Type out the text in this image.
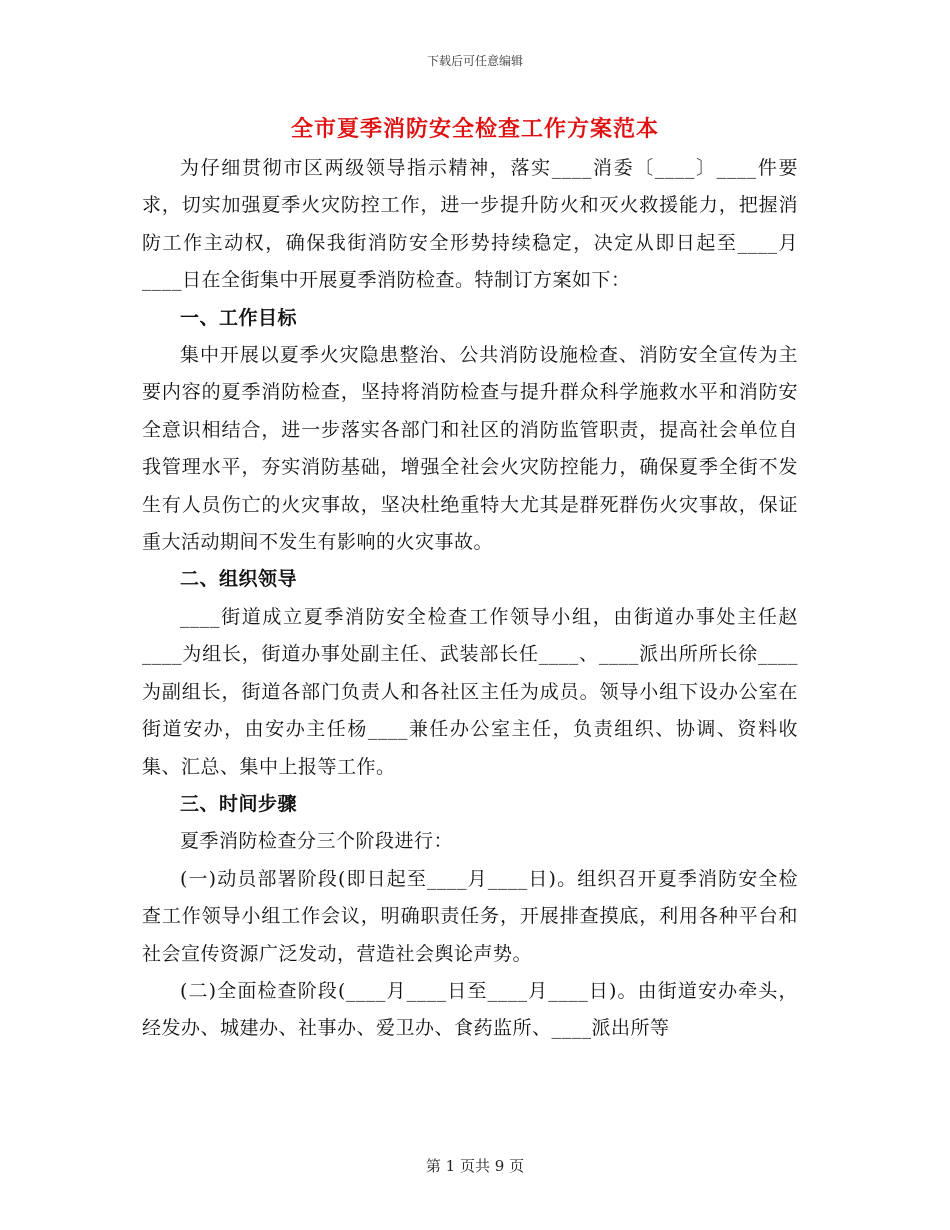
下载后可任意编辑
全市夏季消防安全检查工作方案范本

为仔细贯彻市区两级领导指示精神，落实____消委〔____〕____件要求，切实加强夏季火灾防控工作，进一步提升防火和灭火救援能力，把握消防工作主动权，确保我街消防安全形势持续稳定，决定从即日起至____月____日在全街集中开展夏季消防检查。特制订方案如下：

一、工作目标

集中开展以夏季火灾隐患整治、公共消防设施检查、消防安全宣传为主要内容的夏季消防检查，坚持将消防检查与提升群众科学施救水平和消防安全意识相结合，进一步落实各部门和社区的消防监管职责，提高社会单位自我管理水平，夯实消防基础，增强全社会火灾防控能力，确保夏季全街不发生有人员伤亡的火灾事故，坚决杜绝重特大尤其是群死群伤火灾事故，保证重大活动期间不发生有影响的火灾事故。

二、组织领导

____街道成立夏季消防安全检查工作领导小组，由街道办事处主任赵____为组长，街道办事处副主任、武装部长任____、____派出所所长徐____为副组长，街道各部门负责人和各社区主任为成员。领导小组下设办公室在街道安办，由安办主任杨____兼任办公室主任，负责组织、协调、资料收集、汇总、集中上报等工作。

三、时间步骤

夏季消防检查分三个阶段进行：

(一)动员部署阶段(即日起至____月____日)。组织召开夏季消防安全检查工作领导小组工作会议，明确职责任务，开展排查摸底，利用各种平台和社会宣传资源广泛发动，营造社会舆论声势。

(二)全面检查阶段(____月____日至____月____日)。由街道安办牵头，经发办、城建办、社事办、爱卫办、食药监所、____派出所等

第 1 页共 9 页
